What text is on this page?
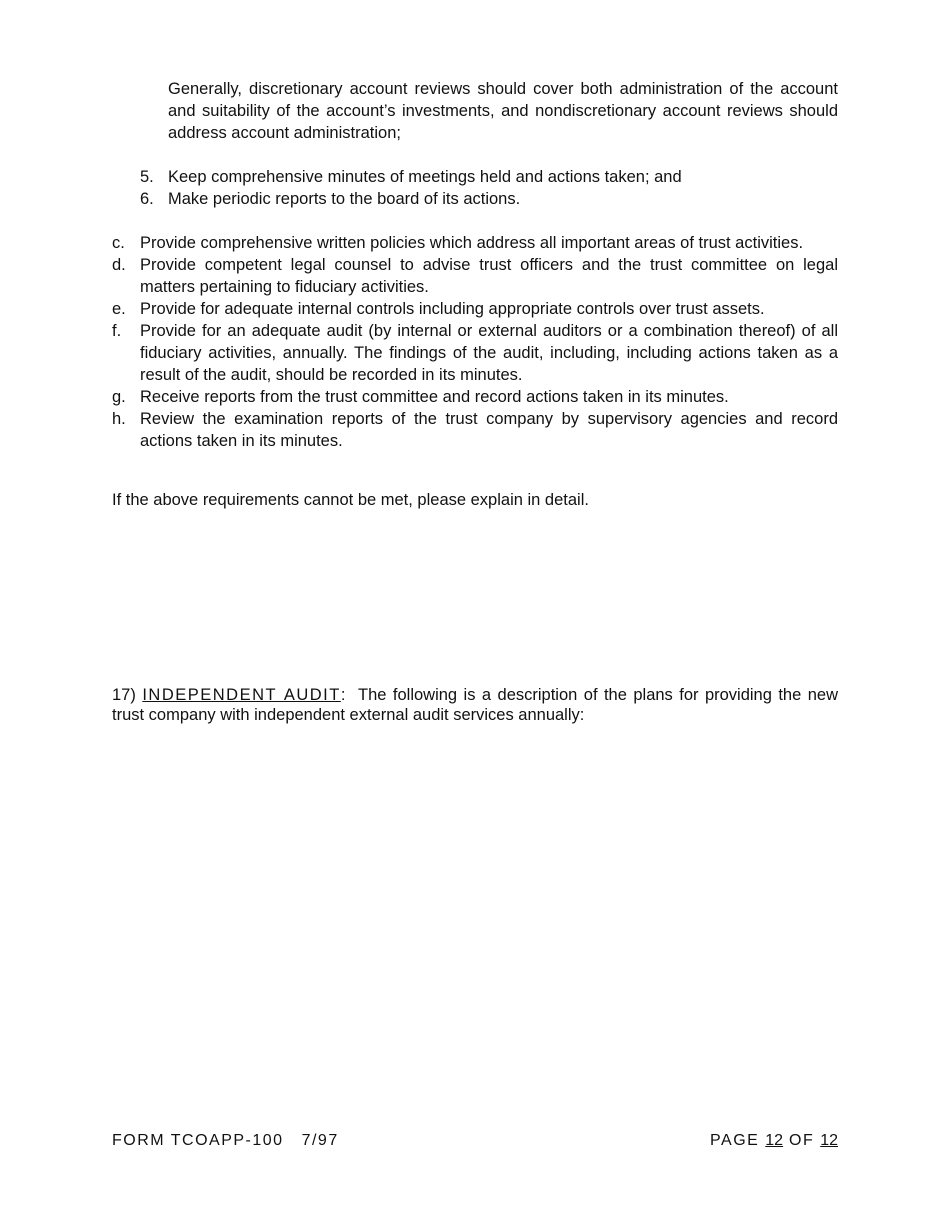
Generally, discretionary account reviews should cover both administration of the account and suitability of the account’s investments, and nondiscretionary account reviews should address account administration;

5. Keep comprehensive minutes of meetings held and actions taken; and
6. Make periodic reports to the board of its actions.
c. Provide comprehensive written policies which address all important areas of trust activities.
d. Provide competent legal counsel to advise trust officers and the trust committee on legal matters pertaining to fiduciary activities.
e. Provide for adequate internal controls including appropriate controls over trust assets.
f.	Provide for an adequate audit (by internal or external auditors or a combination thereof) of all fiduciary activities, annually. The findings of the audit, including, including actions taken as a result of the audit, should be recorded in its minutes.
g. Receive reports from the trust committee and record actions taken in its minutes.
h. Review the examination reports of the trust company by supervisory agencies and record actions taken in its minutes.

If the above requirements cannot be met, please explain in detail.

17) INDEPENDENT AUDIT: The following is a description of the plans for providing the new trust company with independent external audit services annually:

FORM TCOAPP-100 7/97	PAGE 12 OF 12
